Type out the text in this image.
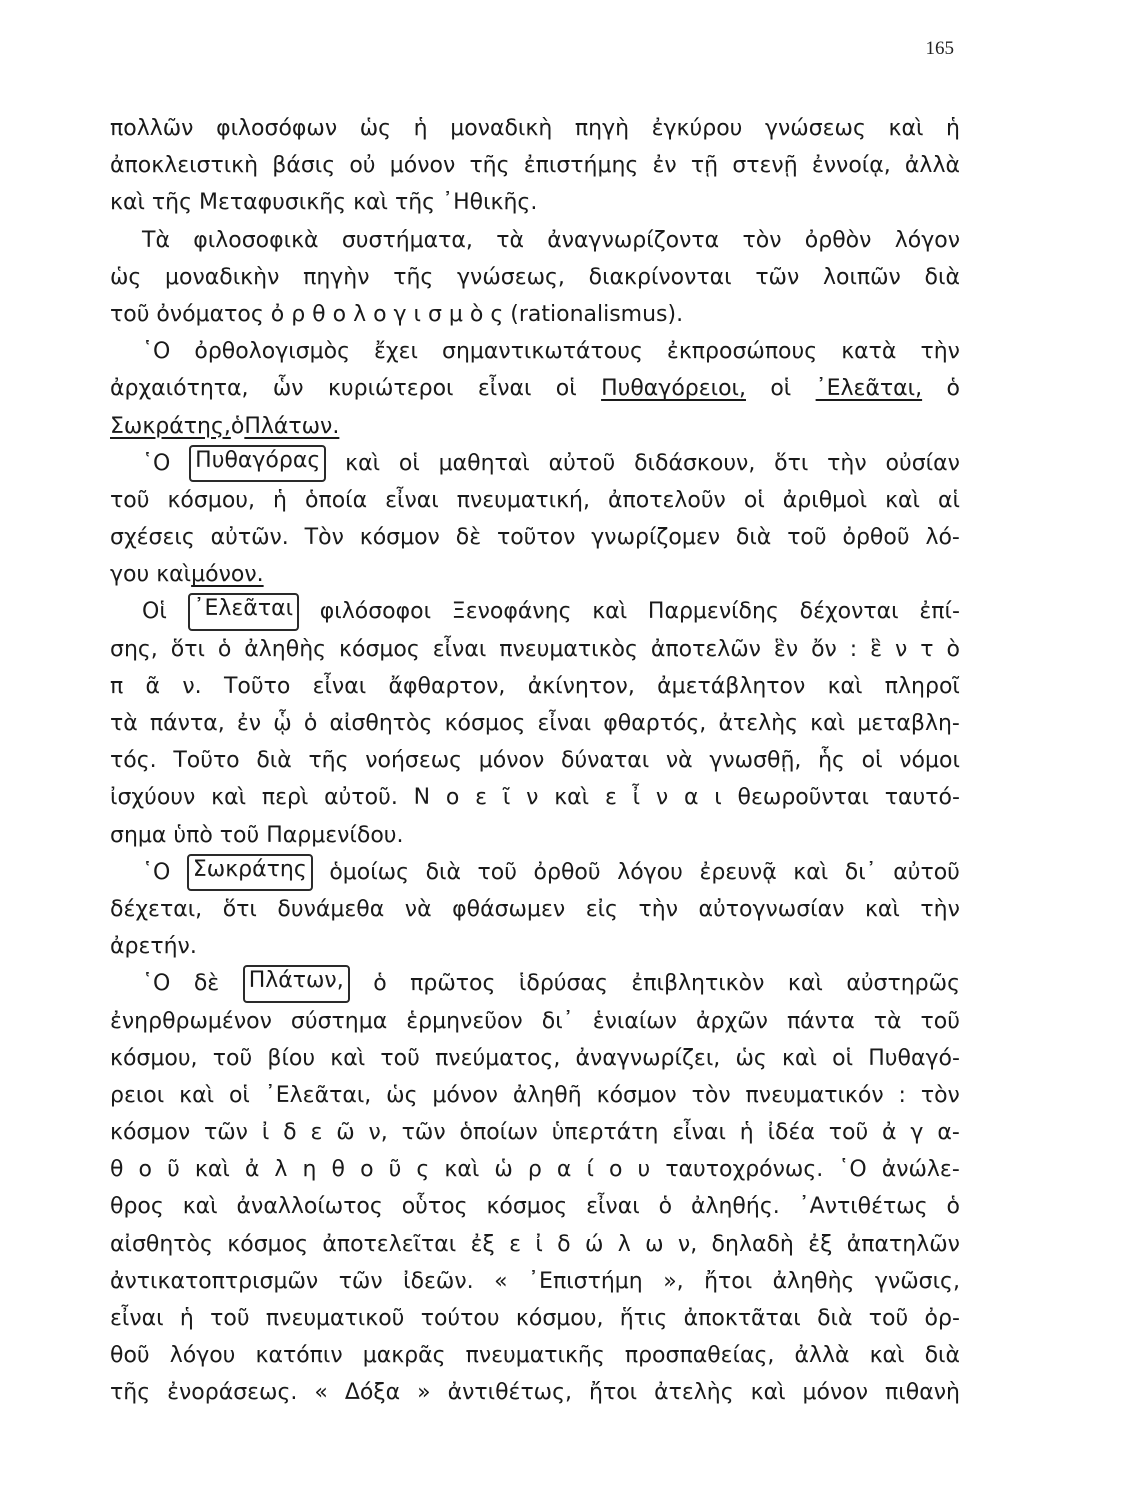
165
πολλῶν φιλοσόφων ὡς ἡ μοναδικὴ πηγὴ ἐγκύρου γνώσεως καὶ ἡ
ἀποκλειστικὴ βάσις οὐ μόνον τῆς ἐπιστήμης ἐν τῇ στενῇ ἐννοίᾳ, ἀλλὰ
καὶ τῆς Μεταφυσικῆς καὶ τῆς ᾿Ηθικῆς.
Τὰ φιλοσοφικὰ συστήματα, τὰ ἀναγνωρίζοντα τὸν ὀρθὸν λόγον
ὡς μοναδικὴν πηγὴν τῆς γνώσεως, διακρίνονται τῶν λοιπῶν διὰ
τοῦ ὀνόματος ὀ ρ θ ο λ ο γ ι σ μ ὸ ς (rationalismus).
῾Ο ὀρθολογισμὸς ἔχει σημαντικωτάτους ἐκπροσώπους κατὰ τὴν
ἀρχαιότητα, ὧν κυριώτεροι εἶναι οἱ Πυθαγόρειοι, οἱ ᾿Ελεᾶται, ὁ
Σωκράτης, ὁ Πλάτων.
῾Ο Πυθαγόρας καὶ οἱ μαθηταὶ αὐτοῦ διδάσκουν, ὅτι τὴν οὐσίαν
τοῦ κόσμου, ἡ ὁποία εἶναι πνευματική, ἀποτελοῦν οἱ ἀριθμοὶ καὶ αἱ
σχέσεις αὐτῶν. Τὸν κόσμον δὲ τοῦτον γνωρίζομεν διὰ τοῦ ὀρθοῦ λό-
γου καὶ μόνον.
Οἱ ᾿Ελεᾶται φιλόσοφοι Ξενοφάνης καὶ Παρμενίδης δέχονται ἐπί-
σης, ὅτι ὁ ἀληθὴς κόσμος εἶναι πνευματικὸς ἀποτελῶν ἓν ὄν : ἓ ν τ ὸ
π ᾶ ν. Τοῦτο εἶναι ἄφθαρτον, ἀκίνητον, ἀμετάβλητον καὶ πληροῖ
τὰ πάντα, ἐν ᾧ ὁ αἰσθητὸς κόσμος εἶναι φθαρτός, ἀτελὴς καὶ μεταβλη-
τός. Τοῦτο διὰ τῆς νοήσεως μόνον δύναται νὰ γνωσθῇ, ἧς οἱ νόμοι
ἰσχύουν καὶ περὶ αὐτοῦ. Ν ο ε ῖ ν καὶ ε ἶ ν α ι θεωροῦνται ταυτό-
σημα ὑπὸ τοῦ Παρμενίδου.
῾Ο Σωκράτης ὁμοίως διὰ τοῦ ὀρθοῦ λόγου ἐρευνᾷ καὶ δι᾿ αὐτοῦ
δέχεται, ὅτι δυνάμεθα νὰ φθάσωμεν εἰς τὴν αὐτογνωσίαν καὶ τὴν
ἀρετήν.
῾Ο δὲ Πλάτων, ὁ πρῶτος ἱδρύσας ἐπιβλητικὸν καὶ αὐστηρῶς
ἐνηρθρωμένον σύστημα ἑρμηνεῦον δι᾿ ἑνιαίων ἀρχῶν πάντα τὰ τοῦ
κόσμου, τοῦ βίου καὶ τοῦ πνεύματος, ἀναγνωρίζει, ὡς καὶ οἱ Πυθαγό-
ρειοι καὶ οἱ ᾿Ελεᾶται, ὡς μόνον ἀληθῆ κόσμον τὸν πνευματικόν : τὸν
κόσμον τῶν ἰ δ ε ῶ ν, τῶν ὁποίων ὑπερτάτη εἶναι ἡ ἰδέα τοῦ ἀ γ α-
θ ο ῦ καὶ ἀ λ η θ ο ῦ ς καὶ ὡ ρ α ί ο υ ταυτοχρόνως. ῾Ο ἀνώλε-
θρος καὶ ἀναλλοίωτος οὗτος κόσμος εἶναι ὁ ἀληθής. ᾿Αντιθέτως ὁ
αἰσθητὸς κόσμος ἀποτελεῖται ἐξ ε ἰ δ ώ λ ω ν, δηλαδὴ ἐξ ἀπατηλῶν
ἀντικατοπτρισμῶν τῶν ἰδεῶν. « ᾿Επιστήμη », ἤτοι ἀληθὴς γνῶσις,
εἶναι ἡ τοῦ πνευματικοῦ τούτου κόσμου, ἥτις ἀποκτᾶται διὰ τοῦ ὀρ-
θοῦ λόγου κατόπιν μακρᾶς πνευματικῆς προσπαθείας, ἀλλὰ καὶ διὰ
τῆς ἐνοράσεως. « Δόξα » ἀντιθέτως, ἤτοι ἀτελὴς καὶ μόνον πιθανὴ
